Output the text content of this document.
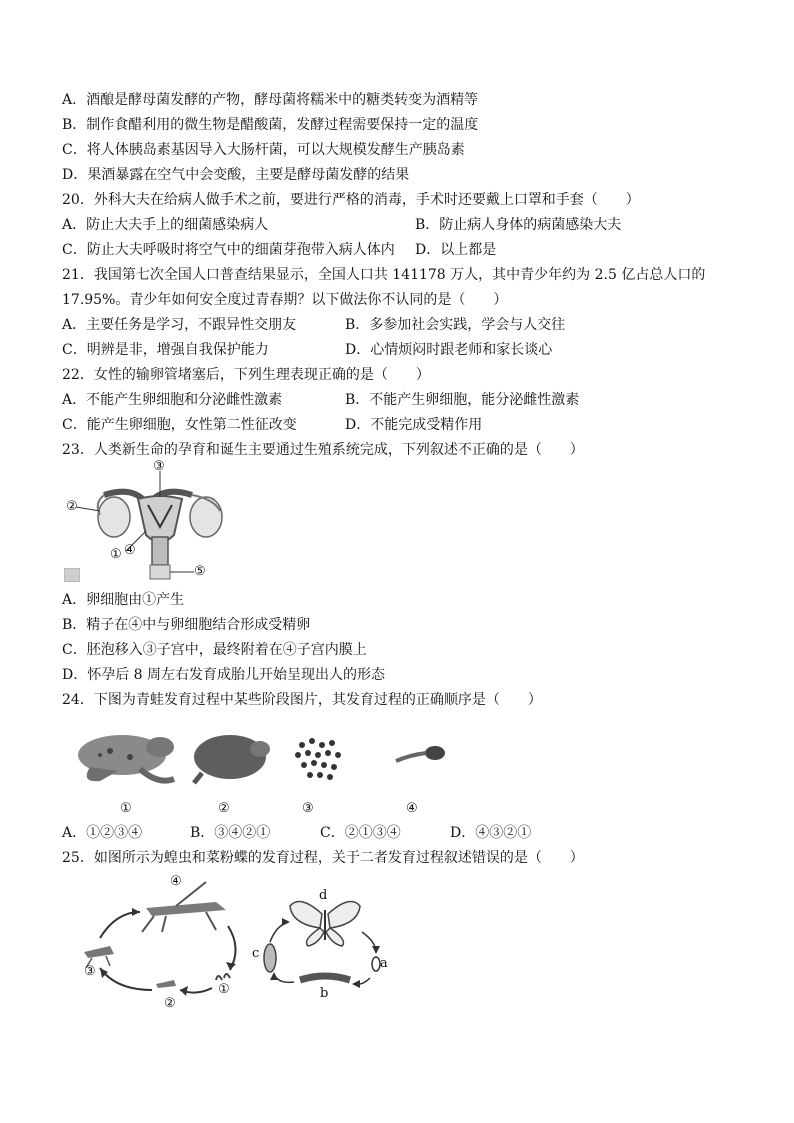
A．酒酿是酵母菌发酵的产物，酵母菌将糯米中的糖类转变为酒精等
B．制作食醋利用的微生物是醋酸菌，发酵过程需要保持一定的温度
C．将人体胰岛素基因导入大肠杆菌，可以大规模发酵生产胰岛素
D．果酒暴露在空气中会变酸，主要是酵母菌发酵的结果
20．外科大夫在给病人做手术之前，要进行严格的消毒，手术时还要戴上口罩和手套（　　）
A．防止大夫手上的细菌感染病人	B．防止病人身体的病菌感染大夫
C．防止大夫呼吸时将空气中的细菌芽孢带入病人体内 D．以上都是
21．我国第七次全国人口普查结果显示，全国人口共 141178 万人，其中青少年约为 2.5 亿占总人口的
17.95%。青少年如何安全度过青春期？以下做法你不认同的是（　　）
A．主要任务是学习，不跟异性交朋友	B．多参加社会实践，学会与人交往
C．明辨是非，增强自我保护能力	D．心情烦闷时跟老师和家长谈心
22．女性的输卵管堵塞后，下列生理表现正确的是（　　）
A．不能产生卵细胞和分泌雌性激素	B．不能产生卵细胞，能分泌雌性激素
C．能产生卵细胞，女性第二性征改变	D．不能完成受精作用
23．人类新生命的孕育和诞生主要通过生殖系统完成，下列叙述不正确的是（　　）
③
②
① ④
⑤
A．卵细胞由①产生
B．精子在④中与卵细胞结合形成受精卵
C．胚泡移入③子宫中，最终附着在④子宫内膜上
D．怀孕后 8 周左右发育成胎儿开始呈现出人的形态
24．下图为青蛙发育过程中某些阶段图片，其发育过程的正确顺序是（　　）
①	②	③	④
A．①②③④	B．③④②①	C．②①③④	D．④③②①
25．如图所示为蝗虫和菜粉蝶的发育过程，关于二者发育过程叙述错误的是（　　）
④
③
②
①
d
a
b
c
